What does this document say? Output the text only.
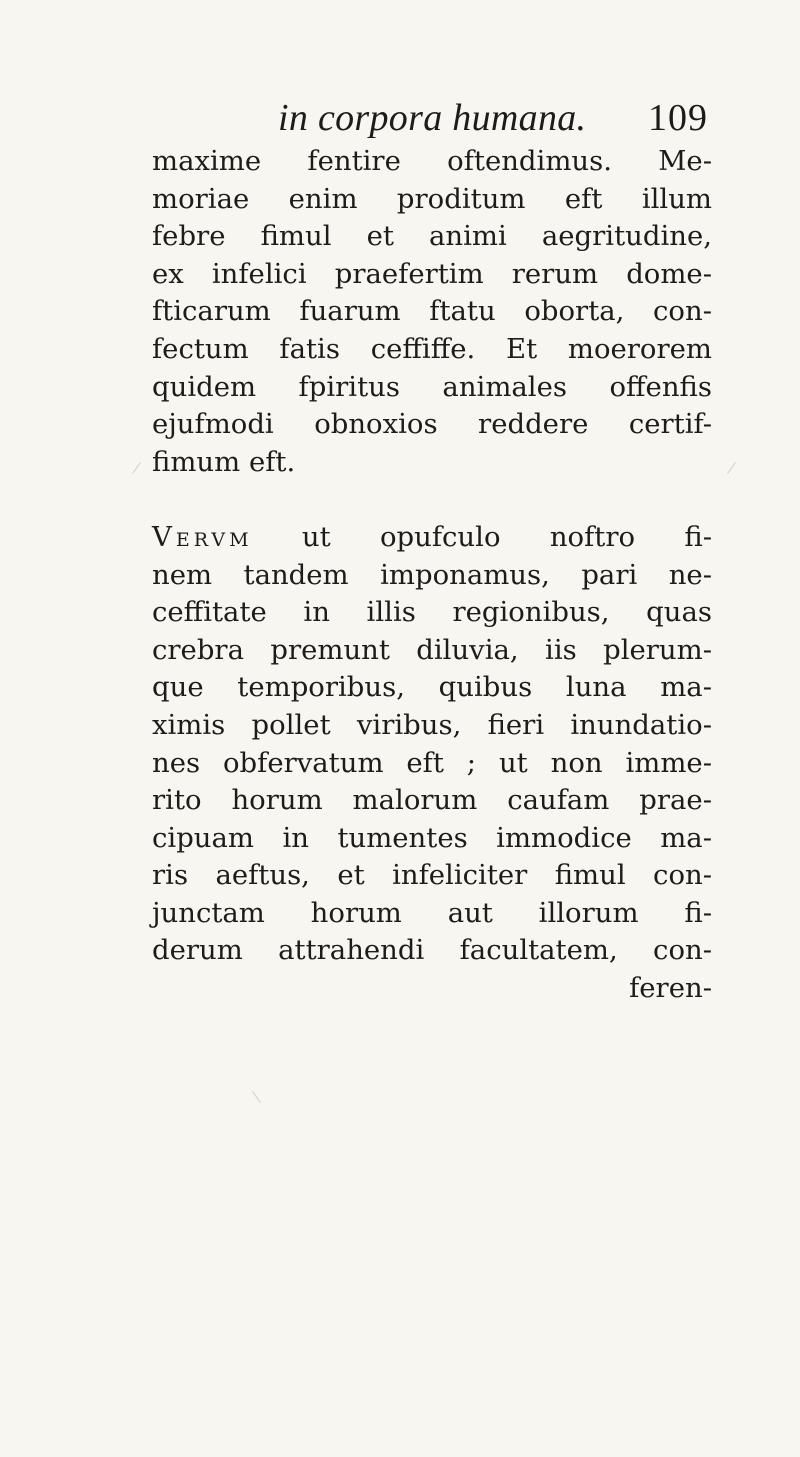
in corpora humana. 109
maxime fentire oftendimus. Me-
moriae enim proditum eft illum
febre fimul et animi aegritudine,
ex infelici praefertim rerum dome-
fticarum fuarum ftatu oborta, con-
fectum fatis ceffiffe. Et moerorem
quidem fpiritus animales offenfis
ejufmodi obnoxios reddere certif-
fimum eft.
Vervm ut opufculo noftro fi-
nem tandem imponamus, pari ne-
ceffitate in illis regionibus, quas
crebra premunt diluvia, iis plerum-
que temporibus, quibus luna ma-
ximis pollet viribus, fieri inundatio-
nes obfervatum eft ; ut non imme-
rito horum malorum caufam prae-
cipuam in tumentes immodice ma-
ris aeftus, et infeliciter fimul con-
junctam horum aut illorum fi-
derum attrahendi facultatem, con-
feren-
